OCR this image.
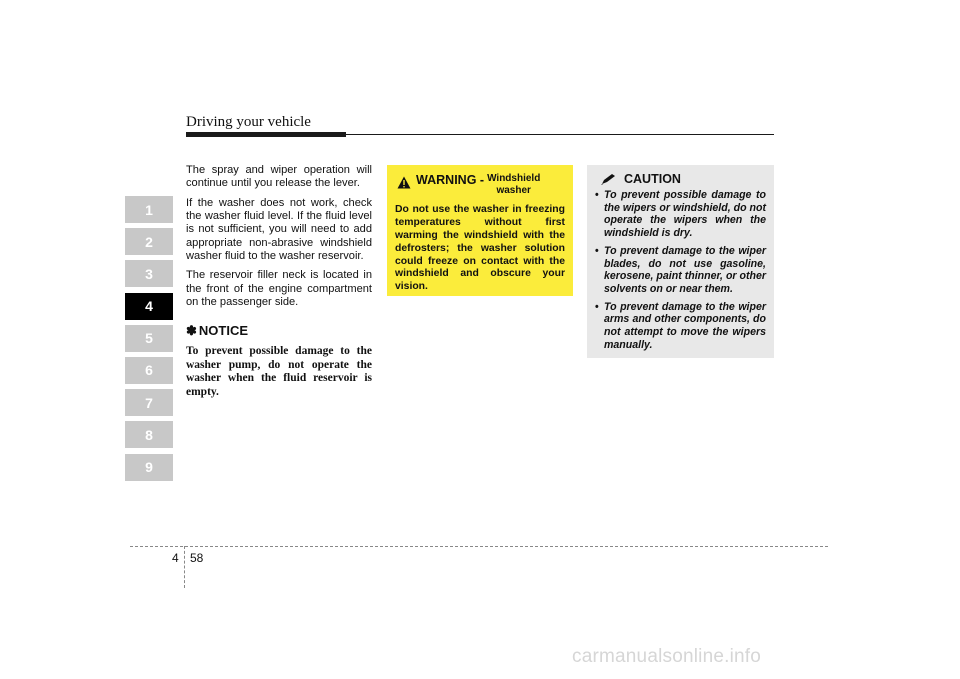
Driving your vehicle
1
2
3
4
5
6
7
8
9

The spray and wiper operation will continue until you release the lever.

If the washer does not work, check the washer fluid level. If the fluid level is not sufficient, you will need to add appropriate non-abrasive windshield washer fluid to the washer reservoir.

The reservoir filler neck is located in the front of the engine compartment on the passenger side.

✽ NOTICE

To prevent possible damage to the washer pump, do not operate the washer when the fluid reservoir is empty.

WARNING - Windshield
washer

Do not use the washer in freezing temperatures without first warming the windshield with the defrosters; the washer solution could freeze on contact with the windshield and obscure your vision.

CAUTION
• To prevent possible damage to the wipers or windshield, do not operate the wipers when the windshield is dry.
• To prevent damage to the wiper blades, do not use gasoline, kerosene, paint thinner, or other solvents on or near them.
• To prevent damage to the wiper arms and other components, do not attempt to move the wipers manually.
4 58
carmanualsonline.info
